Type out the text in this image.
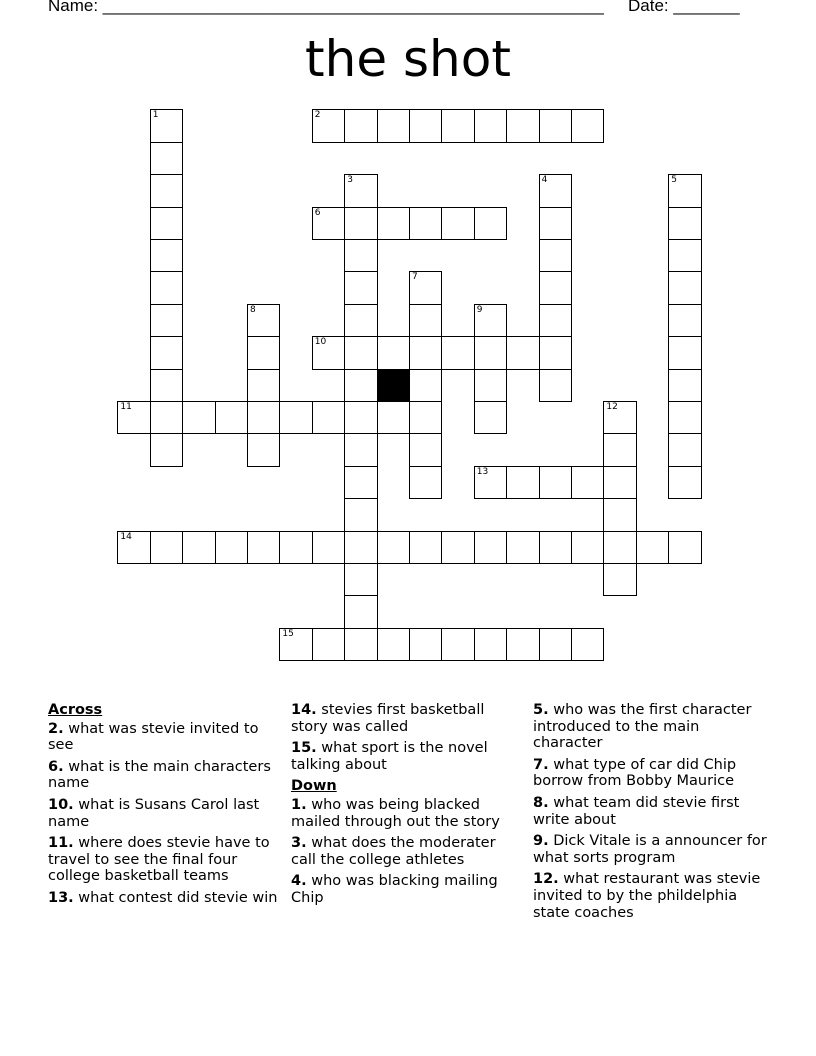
Name: _____________________________________________________ Date: _______
the shot
2
6
10
11
13
14
15
1
3	4	5
7
8	9
12
Across
2. what was stevie invited to see
6. what is the main characters name
10. what is Susans Carol last name
11. where does stevie have to travel to see the final four college basketball teams
13. what contest did stevie win
14. stevies first basketball story was called
15. what sport is the novel talking about
Down
1. who was being blacked mailed through out the story
3. what does the moderater call the college athletes
4. who was blacking mailing Chip
5. who was the first character introduced to the main character
7. what type of car did Chip borrow from Bobby Maurice
8. what team did stevie first write about
9. Dick Vitale is a announcer for what sorts program
12. what restaurant was stevie invited to by the phildelphia state coaches
